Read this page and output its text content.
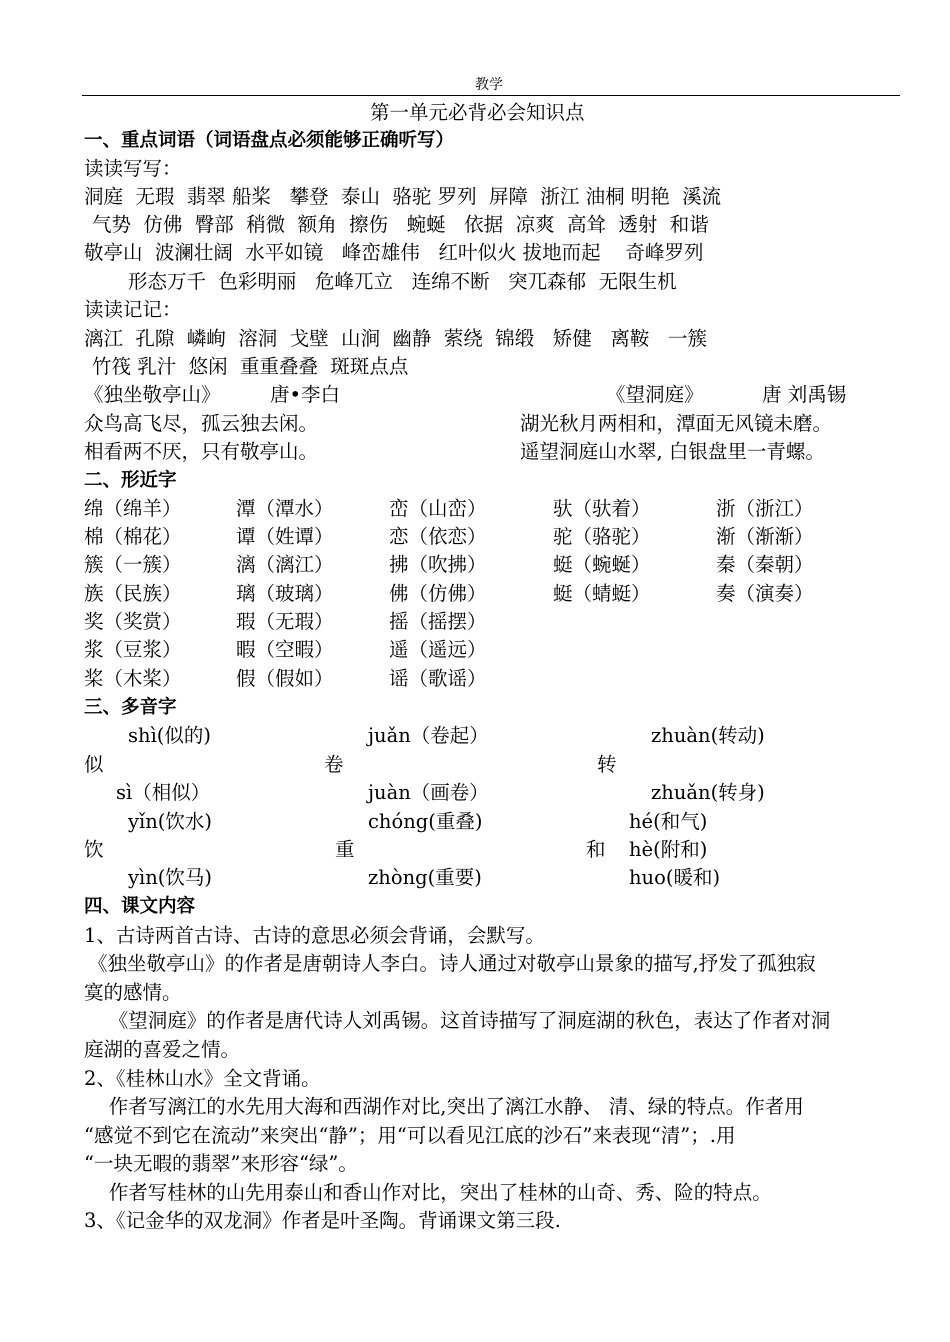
教学
第一单元必背必会知识点
一、重点词语（词语盘点必须能够正确听写）
读读写写：
洞庭  无瑕  翡翠 船桨   攀登  泰山  骆驼 罗列  屏障  浙江 油桐 明艳  溪流
气势  仿佛  臀部  稍微  额角  擦伤   蜿蜒   依据  凉爽  高耸  透射  和谐
敬亭山  波澜壮阔  水平如镜   峰峦雄伟   红叶似火 拔地而起    奇峰罗列
形态万千  色彩明丽   危峰兀立   连绵不断   突兀森郁  无限生机
读读记记：
漓江  孔隙  嶙峋  溶洞  戈壁  山涧  幽静  萦绕  锦缎   矫健   离鞍   一簇
竹筏 乳汁  悠闲  重重叠叠  斑斑点点
《独坐敬亭山》	唐•李白	《望洞庭》	唐 刘禹锡
众鸟高飞尽，孤云独去闲。	湖光秋月两相和，潭面无风镜未磨。
相看两不厌，只有敬亭山。	遥望洞庭山水翠, 白银盘里一青螺。
二、形近字
绵（绵羊）	潭（潭水）	峦（山峦）	驮（驮着）	浙（浙江）
棉（棉花）	谭（姓谭）	恋（依恋）	驼（骆驼）	渐（渐渐）
簇（一簇）	漓（漓江）	拂（吹拂）	蜓（蜿蜒）	秦（秦朝）
族（民族）	璃（玻璃）	佛（仿佛）	蜓（蜻蜓）	奏（演奏）
奖（奖赏）	瑕（无瑕）	摇（摇摆）
浆（豆浆）	暇（空暇）	遥（遥远）
桨（木桨）	假（假如）	谣（歌谣）
三、多音字
shì(似的)	juǎn（卷起）	zhuàn(转动)
似	卷	转
sì（相似）	juàn（画卷）	zhuǎn(转身)
yǐn(饮水)	chóng(重叠)	hé(和气)
饮	重	和 hè(附和)
yìn(饮马)	zhòng(重要)	huo(暖和)
四、课文内容
1、古诗两首古诗、古诗的意思必须会背诵，会默写。
《独坐敬亭山》的作者是唐朝诗人李白。诗人通过对敬亭山景象的描写,抒发了孤独寂
寞的感情。
《望洞庭》的作者是唐代诗人刘禹锡。这首诗描写了洞庭湖的秋色，表达了作者对洞
庭湖的喜爱之情。
2、《桂林山水》全文背诵。
作者写漓江的水先用大海和西湖作对比,突出了漓江水静、 清、绿的特点。作者用
“感觉不到它在流动”来突出“静”；用“可以看见江底的沙石”来表现“清”；.用
“一块无暇的翡翠”来形容“绿”。
作者写桂林的山先用泰山和香山作对比，突出了桂林的山奇、秀、险的特点。
3、《记金华的双龙洞》作者是叶圣陶。背诵课文第三段.
